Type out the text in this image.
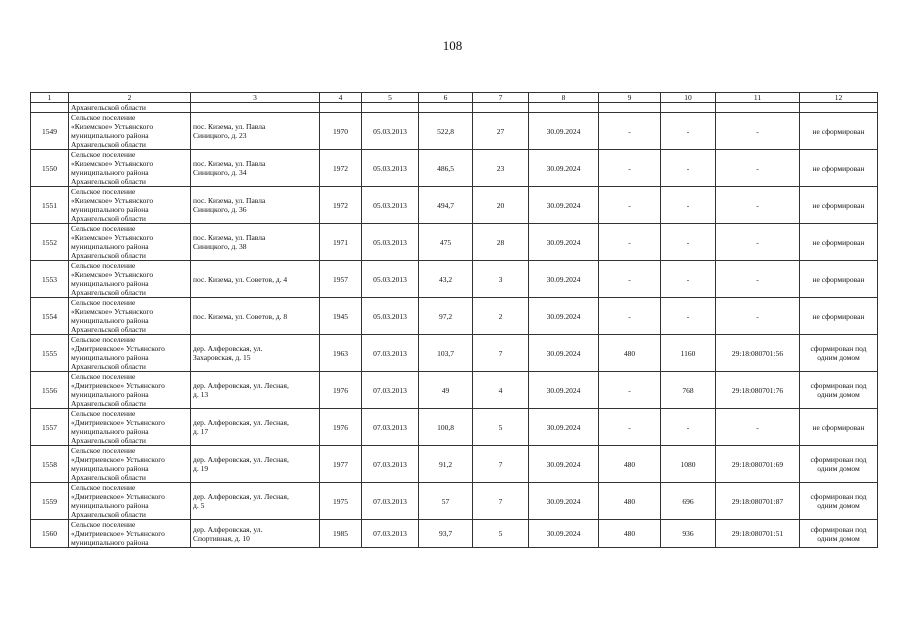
108
1	2	3	4	5	6	7	8	9	10	11	12
	Архангельской области										
1549	Сельское поселение
«Киземское» Устьянского
муниципального района
Архангельской области	пос. Кизема, ул. Павла
Синицкого, д. 23	1970	05.03.2013	522,8	27	30.09.2024	-	-	-	не сформирован
1550	Сельское поселение
«Киземское» Устьянского
муниципального района
Архангельской области	пос. Кизема, ул. Павла
Синицкого, д. 34	1972	05.03.2013	486,5	23	30.09.2024	-	-	-	не сформирован
1551	Сельское поселение
«Киземское» Устьянского
муниципального района
Архангельской области	пос. Кизема, ул. Павла
Синицкого, д. 36	1972	05.03.2013	494,7	20	30.09.2024	-	-	-	не сформирован
1552	Сельское поселение
«Киземское» Устьянского
муниципального района
Архангельской области	пос. Кизема, ул. Павла
Синицкого, д. 38	1971	05.03.2013	475	28	30.09.2024	-	-	-	не сформирован
1553	Сельское поселение
«Киземское» Устьянского
муниципального района
Архангельской области	пос. Кизема, ул. Советов, д. 4	1957	05.03.2013	43,2	3	30.09.2024	-	-	-	не сформирован
1554	Сельское поселение
«Киземское» Устьянского
муниципального района
Архангельской области	пос. Кизема, ул. Советов, д. 8	1945	05.03.2013	97,2	2	30.09.2024	-	-	-	не сформирован
1555	Сельское поселение
«Дмитриевское» Устьянского
муниципального района
Архангельской области	дер. Алферовская, ул.
Захаровская, д. 15	1963	07.03.2013	103,7	7	30.09.2024	480	1160	29:18:080701:56	сформирован под
одним домом
1556	Сельское поселение
«Дмитриевское» Устьянского
муниципального района
Архангельской области	дер. Алферовская, ул. Лесная,
д. 13	1976	07.03.2013	49	4	30.09.2024	-	768	29:18:080701:76	сформирован под
одним домом
1557	Сельское поселение
«Дмитриевское» Устьянского
муниципального района
Архангельской области	дер. Алферовская, ул. Лесная,
д. 17	1976	07.03.2013	100,8	5	30.09.2024	-	-	-	не сформирован
1558	Сельское поселение
«Дмитриевское» Устьянского
муниципального района
Архангельской области	дер. Алферовская, ул. Лесная,
д. 19	1977	07.03.2013	91,2	7	30.09.2024	480	1080	29:18:080701:69	сформирован под
одним домом
1559	Сельское поселение
«Дмитриевское» Устьянского
муниципального района
Архангельской области	дер. Алферовская, ул. Лесная,
д. 5	1975	07.03.2013	57	7	30.09.2024	480	696	29:18:080701:87	сформирован под
одним домом
1560	Сельское поселение
«Дмитриевское» Устьянского
муниципального района	дер. Алферовская, ул.
Спортивная, д. 10	1985	07.03.2013	93,7	5	30.09.2024	480	936	29:18:080701:51	сформирован под
одним домом
